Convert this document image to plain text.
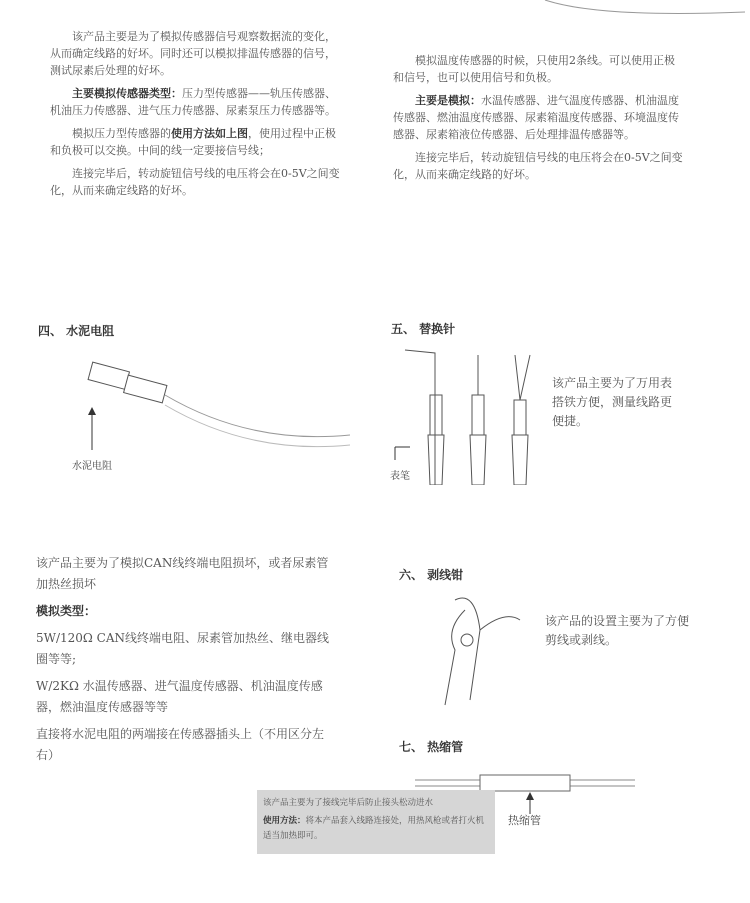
该产品主要是为了模拟传感器信号观察数据流的变化，从而确定线路的好坏。同时还可以模拟排温传感器的信号，测试尿素后处理的好坏。

主要模拟传感器类型：压力型传感器——轨压传感器、机油压力传感器、进气压力传感器、尿素泵压力传感器等。

模拟压力型传感器的使用方法如上图，使用过程中正极和负极可以交换。中间的线一定要接信号线；

连接完毕后，转动旋钮信号线的电压将会在0-5V之间变化，从而来确定线路的好坏。

模拟温度传感器的时候，只使用2条线。可以使用正极和信号，也可以使用信号和负极。

主要是模拟：水温传感器、进气温度传感器、机油温度传感器、燃油温度传感器、尿素箱温度传感器、环境温度传感器、尿素箱液位传感器、后处理排温传感器等。

连接完毕后，转动旋钮信号线的电压将会在0-5V之间变化，从而来确定线路的好坏。

四、 水泥电阻
水泥电阻
五、 替换针
表笔
该产品主要为了万用表搭铁方便，测量线路更便捷。

该产品主要为了模拟CAN线终端电阻损坏，或者尿素管加热丝损坏

模拟类型：

5W/120Ω CAN线终端电阻、尿素管加热丝、继电器线圈等等;

W/2KΩ 水温传感器、进气温度传感器、机油温度传感器，燃油温度传感器等等

直接将水泥电阻的两端接在传感器插头上（不用区分左右）

六、 剥线钳
该产品的设置主要为了方便剪线或剥线。
七、 热缩管
热缩管
该产品主要为了接线完毕后防止接头松动进水
使用方法：将本产品套入线路连接处，用热风枪或者打火机适当加热即可。
